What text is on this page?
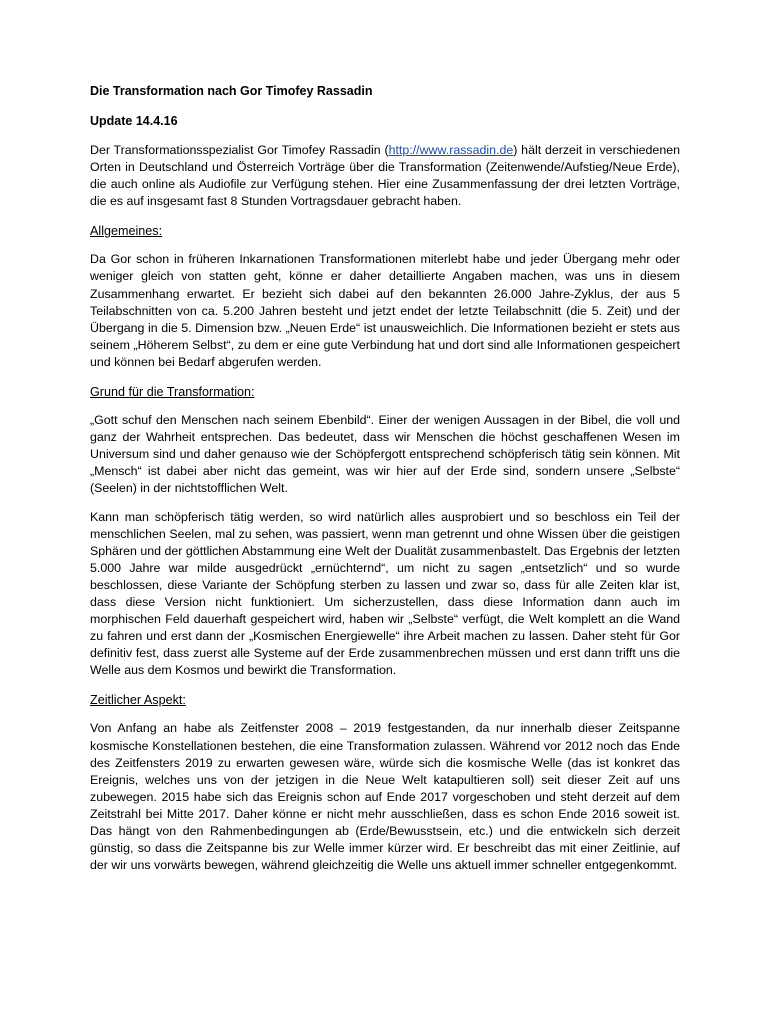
Die Transformation nach Gor Timofey Rassadin
Update 14.4.16

Der Transformationsspezialist Gor Timofey Rassadin (http://www.rassadin.de) hält derzeit in verschiedenen Orten in Deutschland und Österreich Vorträge über die Transformation (Zeitenwende/Aufstieg/Neue Erde), die auch online als Audiofile zur Verfügung stehen. Hier eine Zusammenfassung der drei letzten Vorträge, die es auf insgesamt fast 8 Stunden Vortragsdauer gebracht haben.

Allgemeines:

Da Gor schon in früheren Inkarnationen Transformationen miterlebt habe und jeder Übergang mehr oder weniger gleich von statten geht, könne er daher detaillierte Angaben machen, was uns in diesem Zusammenhang erwartet. Er bezieht sich dabei auf den bekannten 26.000 Jahre-Zyklus, der aus 5 Teilabschnitten von ca. 5.200 Jahren besteht und jetzt endet der letzte Teilabschnitt (die 5. Zeit) und der Übergang in die 5. Dimension bzw. „Neuen Erde“ ist unausweichlich. Die Informationen bezieht er stets aus seinem „Höherem Selbst“, zu dem er eine gute Verbindung hat und dort sind alle Informationen gespeichert und können bei Bedarf abgerufen werden.

Grund für die Transformation:

„Gott schuf den Menschen nach seinem Ebenbild“. Einer der wenigen Aussagen in der Bibel, die voll und ganz der Wahrheit entsprechen. Das bedeutet, dass wir Menschen die höchst geschaffenen Wesen im Universum sind und daher genauso wie der Schöpfergott entsprechend schöpferisch tätig sein können. Mit „Mensch“ ist dabei aber nicht das gemeint, was wir hier auf der Erde sind, sondern unsere „Selbste“ (Seelen) in der nichtstofflichen Welt.

Kann man schöpferisch tätig werden, so wird natürlich alles ausprobiert und so beschloss ein Teil der menschlichen Seelen, mal zu sehen, was passiert, wenn man getrennt und ohne Wissen über die geistigen Sphären und der göttlichen Abstammung eine Welt der Dualität zusammenbastelt. Das Ergebnis der letzten 5.000 Jahre war milde ausgedrückt „ernüchternd“, um nicht zu sagen „entsetzlich“ und so wurde beschlossen, diese Variante der Schöpfung sterben zu lassen und zwar so, dass für alle Zeiten klar ist, dass diese Version nicht funktioniert. Um sicherzustellen, dass diese Information dann auch im morphischen Feld dauerhaft gespeichert wird, haben wir „Selbste“ verfügt, die Welt komplett an die Wand zu fahren und erst dann der „Kosmischen Energiewelle“ ihre Arbeit machen zu lassen. Daher steht für Gor definitiv fest, dass zuerst alle Systeme auf der Erde zusammenbrechen müssen und erst dann trifft uns die Welle aus dem Kosmos und bewirkt die Transformation.

Zeitlicher Aspekt:

Von Anfang an habe als Zeitfenster 2008 – 2019 festgestanden, da nur innerhalb dieser Zeitspanne kosmische Konstellationen bestehen, die eine Transformation zulassen. Während vor 2012 noch das Ende des Zeitfensters 2019 zu erwarten gewesen wäre, würde sich die kosmische Welle (das ist konkret das Ereignis, welches uns von der jetzigen in die Neue Welt katapultieren soll) seit dieser Zeit auf uns zubewegen. 2015 habe sich das Ereignis schon auf Ende 2017 vorgeschoben und steht derzeit auf dem Zeitstrahl bei Mitte 2017. Daher könne er nicht mehr ausschließen, dass es schon Ende 2016 soweit ist. Das hängt von den Rahmenbedingungen ab (Erde/Bewusstsein, etc.) und die entwickeln sich derzeit günstig, so dass die Zeitspanne bis zur Welle immer kürzer wird. Er beschreibt das mit einer Zeitlinie, auf der wir uns vorwärts bewegen, während gleichzeitig die Welle uns aktuell immer schneller entgegenkommt.
